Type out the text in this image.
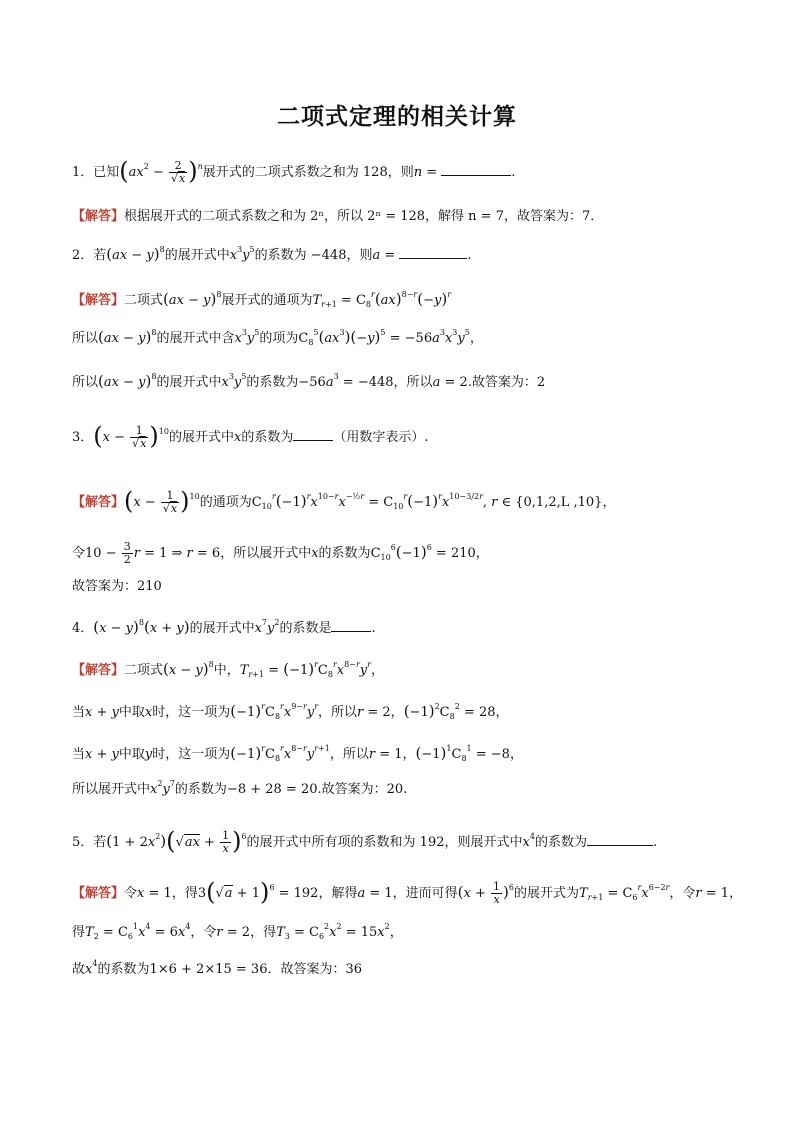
二项式定理的相关计算
1．已知$(ax^2 - \frac{2}{√x} )^n$展开式的二项式系数之和为 128，则n =	.
【解答】根据展开式的二项式系数之和为 2ⁿ，所以 2ⁿ = 128，解得 n = 7，故答案为：7．
2．若(ax − y)$^8$的展开式中$x^3y^5$的系数为 −448，则a =	.
【解答】二项式(ax − y)$^8$展开式的通项为$T_{r+1} = C_8^r(ax)^{8-r}(-y)^r$
所以(ax − y)$^8$的展开式中含$x^3y^5$的项为$C_8^5(ax^3)(-y)^5 = -56a^3x^3y^5$，
所以(ax − y)$^8$的展开式中$x^3y^5$的系数为$-56a^3 = -448$，所以a = 2.故答案为：2
3．$(x - \frac{1}{√x} )^{10}$的展开式中x的系数为	（用数字表示）.
【解答】$(x - \frac{1}{√x} )^{10}$的通项为$C_{10}^r(-1)^rx^{10-r}x^{-\frac{1}{2}r} = C_{10}^r(-1)^rx^{10-3/2r}$, r ∈ {0,1,2,L ,10}，
令$10 - \frac{3}{2}$ r = 1 ⇒ r = 6，所以展开式中x的系数为$C_{10}^6(-1)^6 = 210$，
故答案为：210
4．$(x - y)^8(x + y)$的展开式中$x^7y^2$的系数是	.
【解答】二项式$(x - y)^8$中，$T_{r+1} = (-1)^rC_8^rx^{8-r}y^r$，
当x + y中取x时，这一项为$(-1)^rC_8^rx^{9-r}y^r$，所以r = 2，$(-1)^2C_8^2 = 28$，
当x + y中取y时，这一项为$(-1)^rC_8^rx^{8-r}y^{r+1}$，所以r = 1，$(-1)^1C_8^1 = -8$，
所以展开式中$x^2y^7$的系数为−8 + 28 = 20.故答案为：20.
5．若$(1 + 2x^2)(√ax + \frac{1}{x} )^6$的展开式中所有项的系数和为 192，则展开式中$x^4$的系数为	.
【解答】令x = 1，得$3(√a + 1)^6 = 192$，解得a = 1，进而可得$(x + \frac{1}{x} )^6$的展开式为$T_{r+1} = C_6^rx^{6-2r}$，令r = 1，
得$T_2 = C_6^1x^4 = 6x^4$，令r = 2，得$T_3 = C_6^2x^2 = 15x^2$，
故$x^4$的系数为1×6 + 2×15 = 36．故答案为：36
